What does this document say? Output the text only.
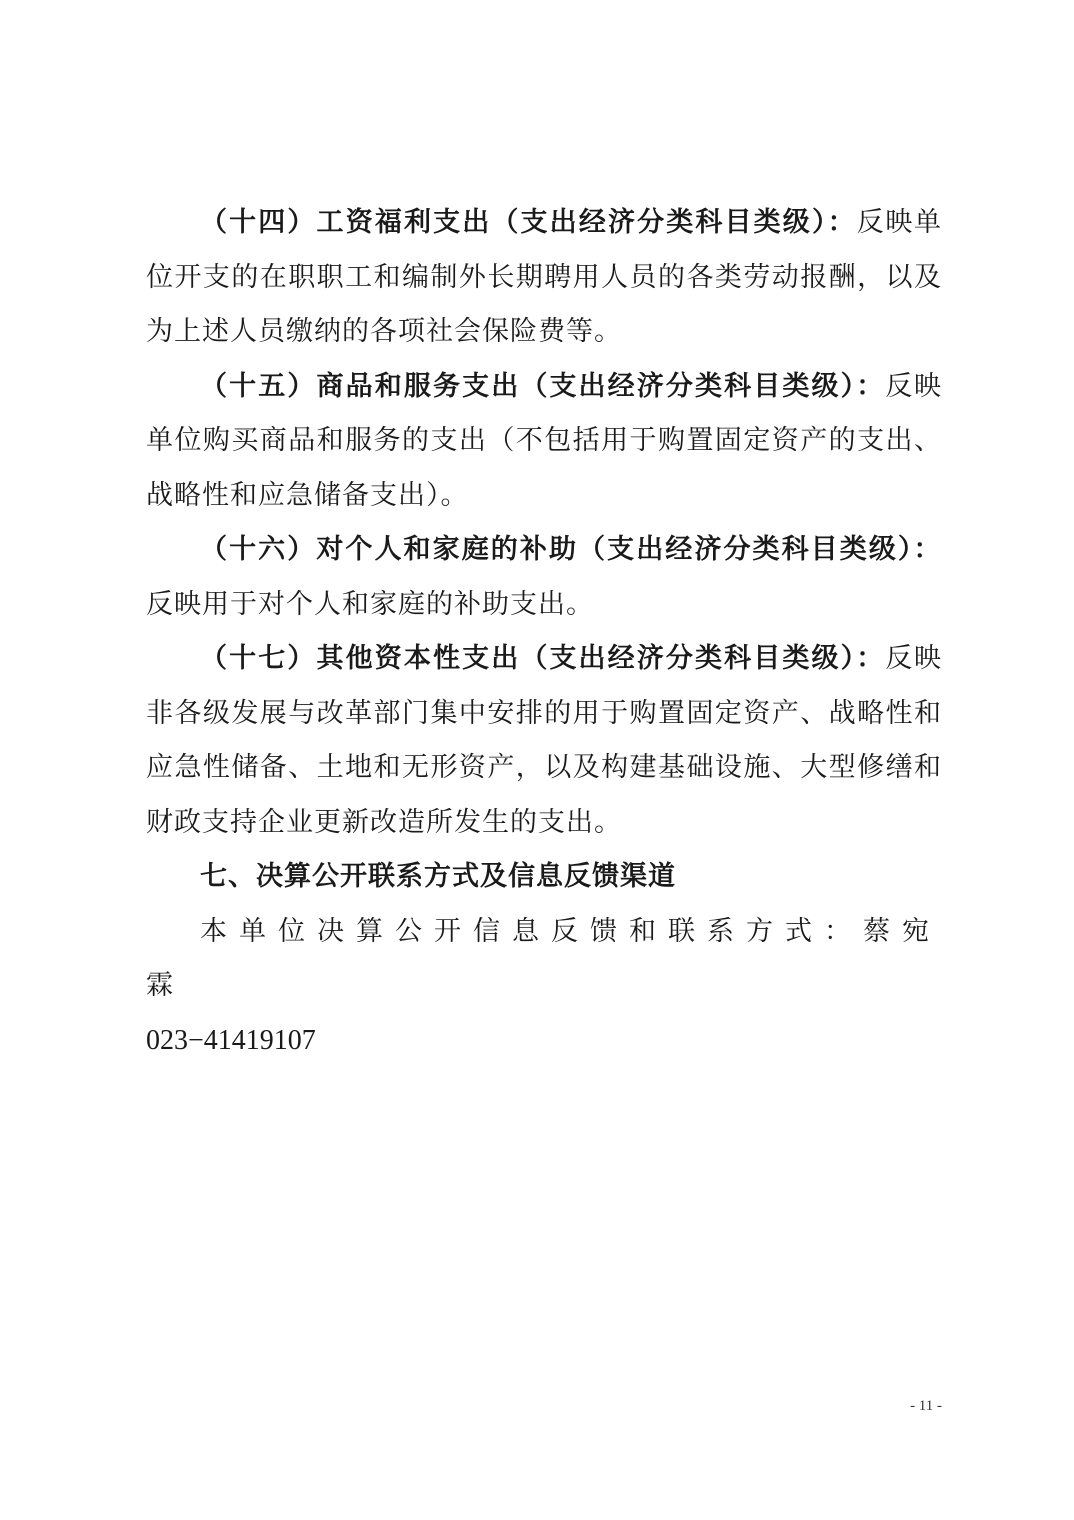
（十四）工资福利支出（支出经济分类科目类级）：反映单位开支的在职职工和编制外长期聘用人员的各类劳动报酬，以及为上述人员缴纳的各项社会保险费等。

（十五）商品和服务支出（支出经济分类科目类级）：反映单位购买商品和服务的支出（不包括用于购置固定资产的支出、战略性和应急储备支出）。

（十六）对个人和家庭的补助（支出经济分类科目类级）：反映用于对个人和家庭的补助支出。

（十七）其他资本性支出（支出经济分类科目类级）：反映非各级发展与改革部门集中安排的用于购置固定资产、战略性和应急性储备、土地和无形资产，以及构建基础设施、大型修缮和财政支持企业更新改造所发生的支出。

七、决算公开联系方式及信息反馈渠道

本单位决算公开信息反馈和联系方式：蔡宛霖
023−41419107

- 11 -
